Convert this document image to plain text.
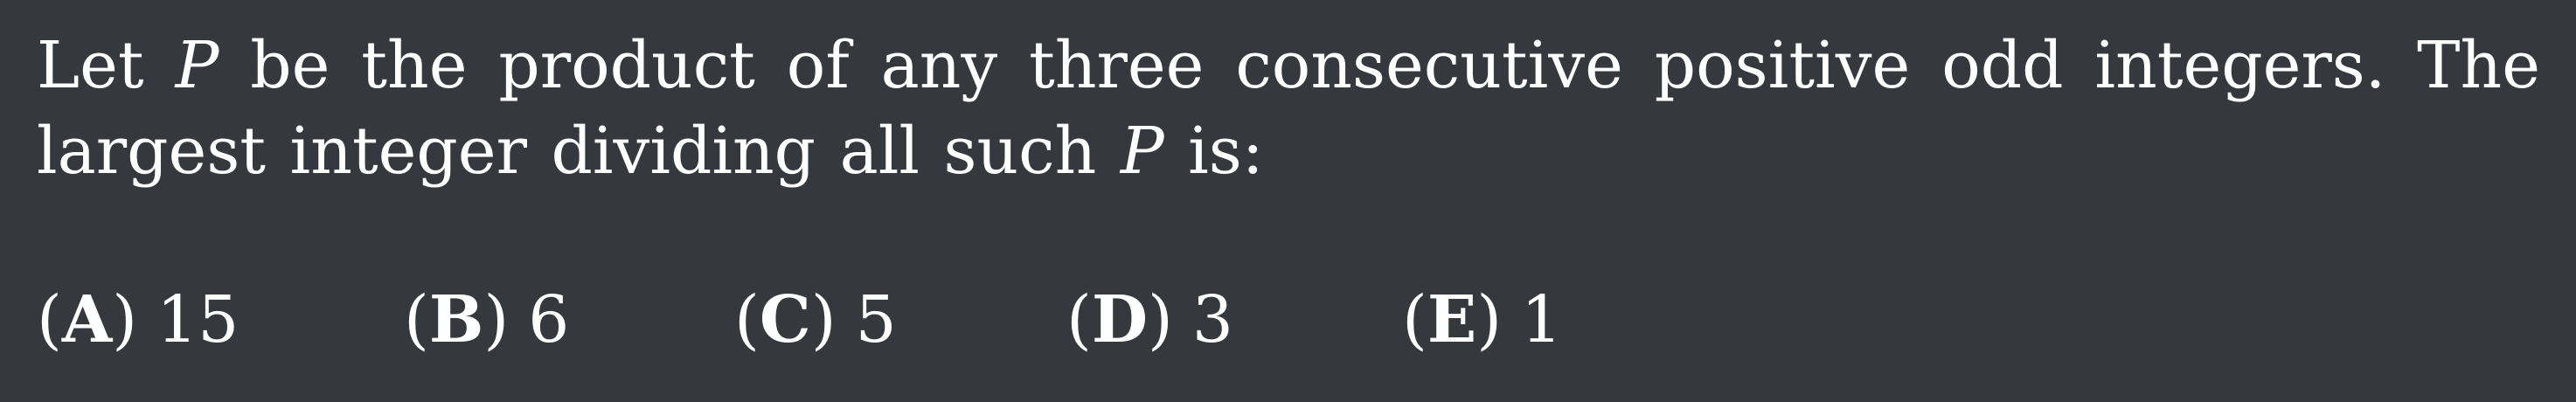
Let P be the product of any three consecutive positive odd integers. The largest integer dividing all such P is:

( A ) 15	( B ) 6	( C ) 5	( D ) 3	( E ) 1
